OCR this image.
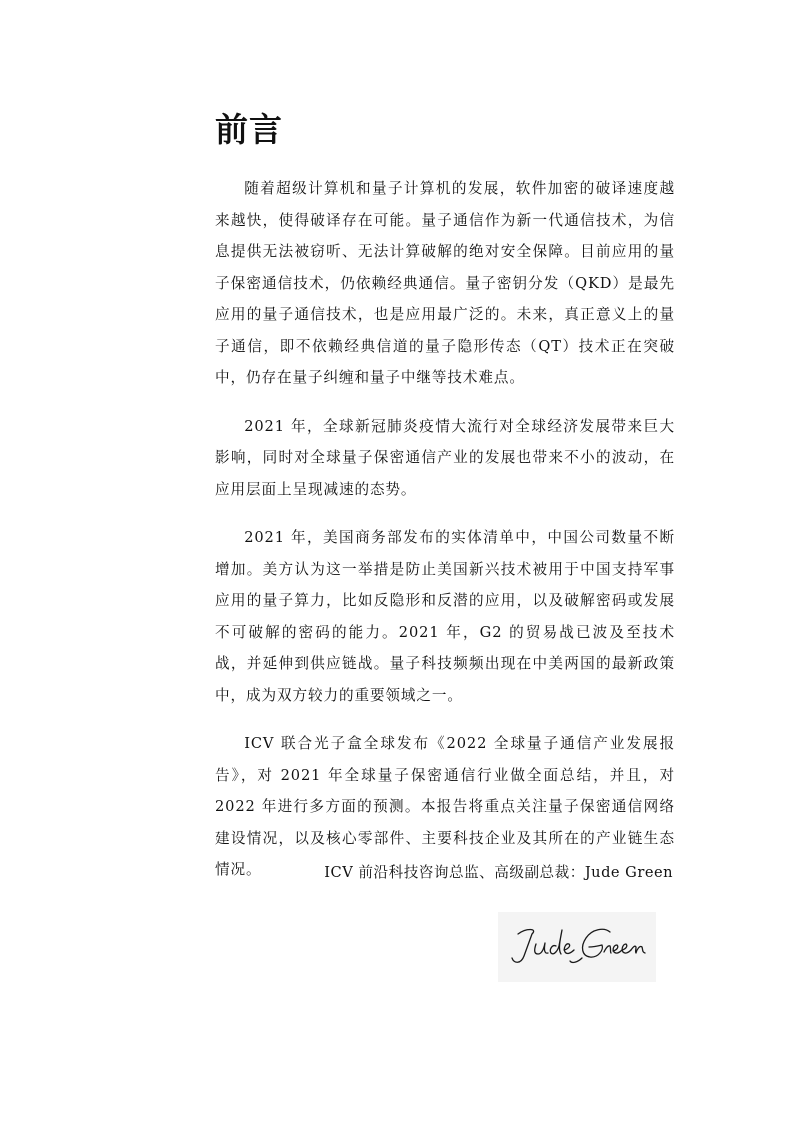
前言

随着超级计算机和量子计算机的发展，软件加密的破译速度越来越快，使得破译存在可能。量子通信作为新一代通信技术，为信息提供无法被窃听、无法计算破解的绝对安全保障。目前应用的量子保密通信技术，仍依赖经典通信。量子密钥分发（QKD）是最先应用的量子通信技术，也是应用最广泛的。未来，真正意义上的量子通信，即不依赖经典信道的量子隐形传态（QT）技术正在突破中，仍存在量子纠缠和量子中继等技术难点。

2021 年，全球新冠肺炎疫情大流行对全球经济发展带来巨大影响，同时对全球量子保密通信产业的发展也带来不小的波动，在应用层面上呈现减速的态势。

2021 年，美国商务部发布的实体清单中，中国公司数量不断增加。美方认为这一举措是防止美国新兴技术被用于中国支持军事应用的量子算力，比如反隐形和反潜的应用，以及破解密码或发展不可破解的密码的能力。2021 年，G2 的贸易战已波及至技术战，并延伸到供应链战。量子科技频频出现在中美两国的最新政策中，成为双方较力的重要领域之一。

ICV 联合光子盒全球发布《2022 全球量子通信产业发展报告》，对 2021 年全球量子保密通信行业做全面总结，并且，对 2022 年进行多方面的预测。本报告将重点关注量子保密通信网络建设情况，以及核心零部件、主要科技企业及其所在的产业链生态情况。	ICV 前沿科技咨询总监、高级副总裁：Jude Green
